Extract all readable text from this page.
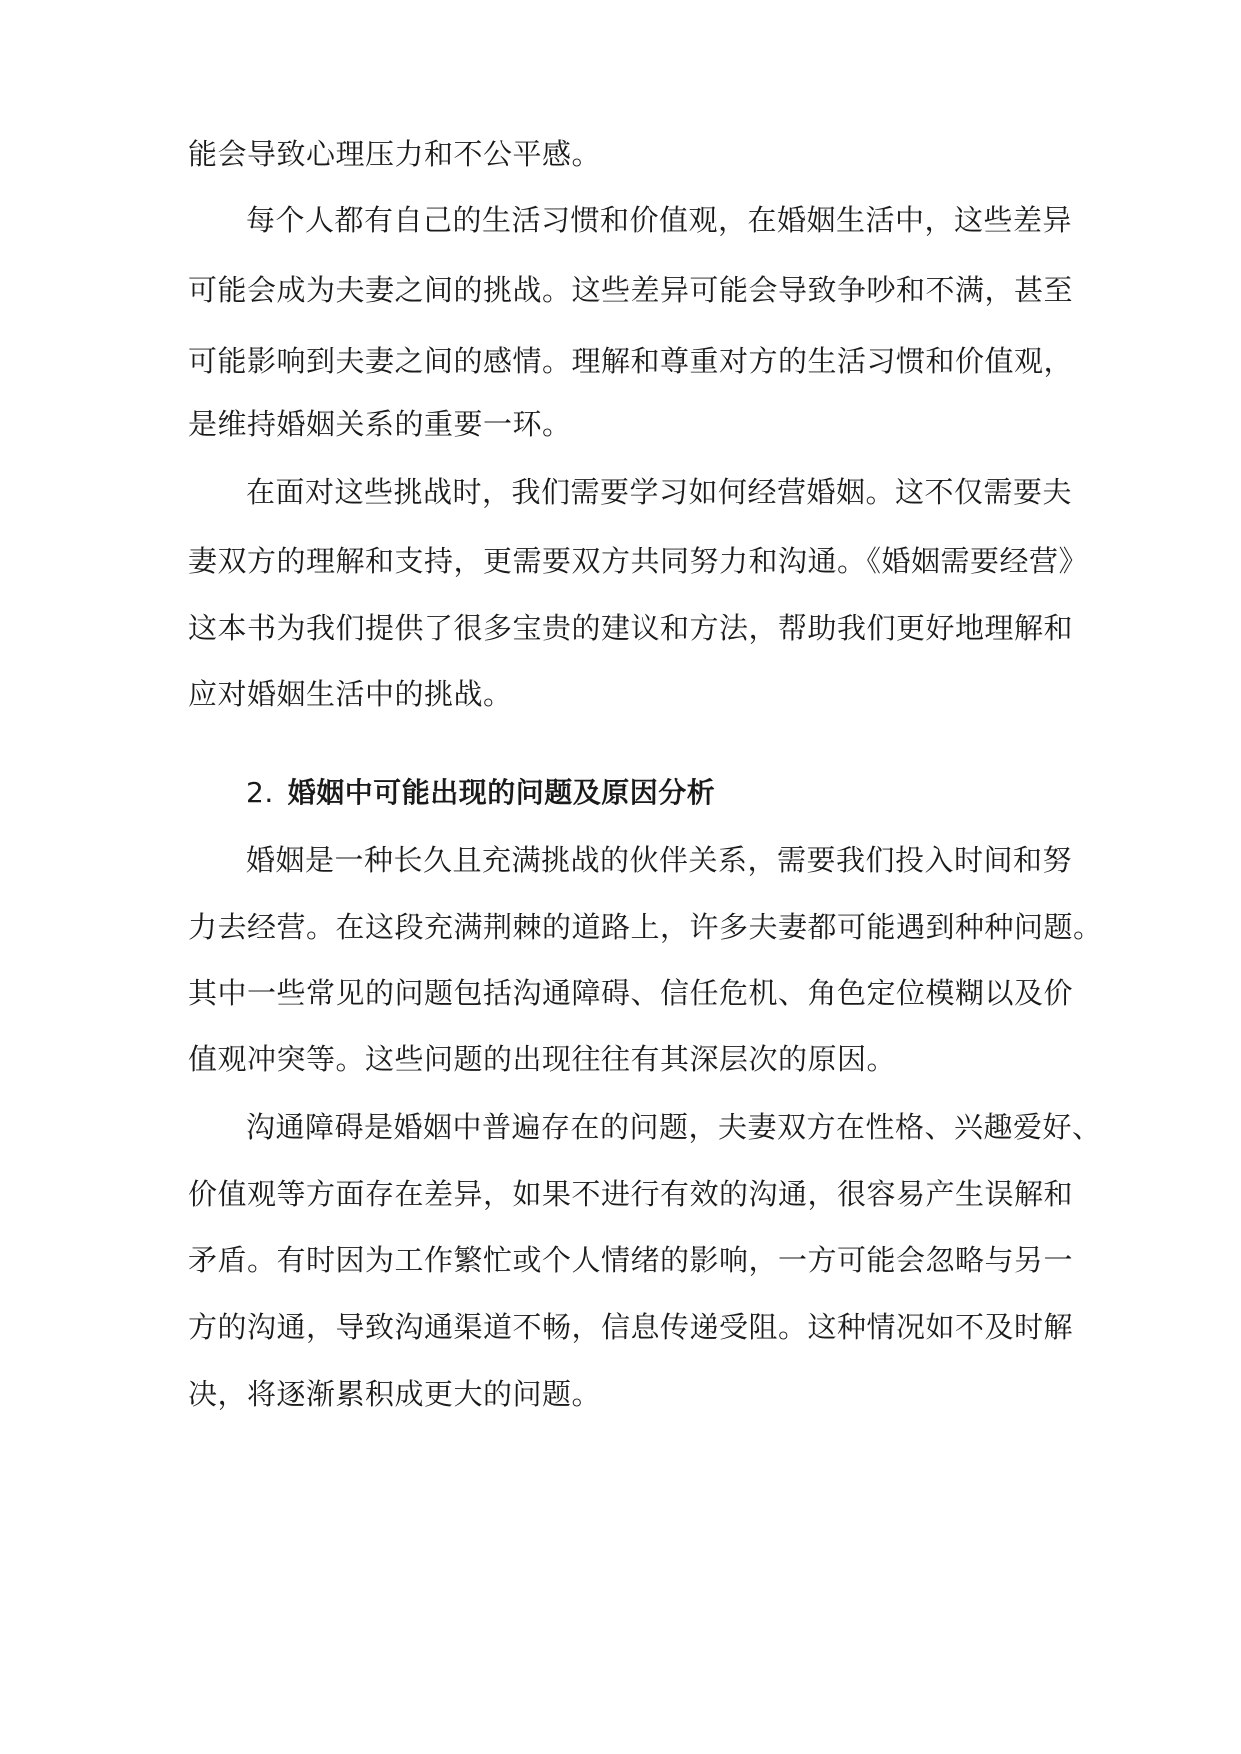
能会导致心理压力和不公平感。
每个人都有自己的生活习惯和价值观，在婚姻生活中，这些差异
可能会成为夫妻之间的挑战。这些差异可能会导致争吵和不满，甚至
可能影响到夫妻之间的感情。理解和尊重对方的生活习惯和价值观，
是维持婚姻关系的重要一环。
在面对这些挑战时，我们需要学习如何经营婚姻。这不仅需要夫
妻双方的理解和支持，更需要双方共同努力和沟通。《婚姻需要经营》
这本书为我们提供了很多宝贵的建议和方法，帮助我们更好地理解和
应对婚姻生活中的挑战。
2. 婚姻中可能出现的问题及原因分析
婚姻是一种长久且充满挑战的伙伴关系，需要我们投入时间和努
力去经营。在这段充满荆棘的道路上，许多夫妻都可能遇到种种问题。
其中一些常见的问题包括沟通障碍、信任危机、角色定位模糊以及价
值观冲突等。这些问题的出现往往有其深层次的原因。
沟通障碍是婚姻中普遍存在的问题，夫妻双方在性格、兴趣爱好、
价值观等方面存在差异，如果不进行有效的沟通，很容易产生误解和
矛盾。有时因为工作繁忙或个人情绪的影响，一方可能会忽略与另一
方的沟通，导致沟通渠道不畅，信息传递受阻。这种情况如不及时解
决，将逐渐累积成更大的问题。
